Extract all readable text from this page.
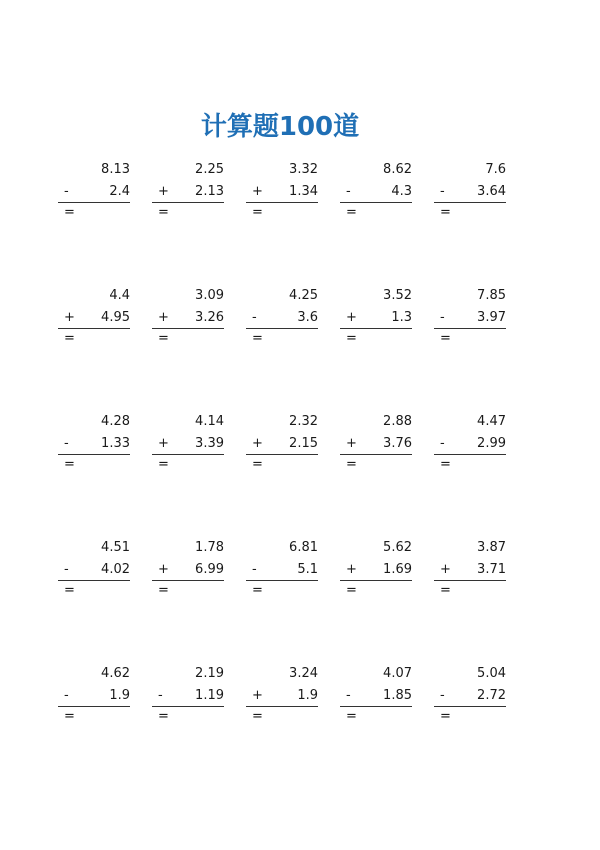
计算题100道
8.13
-	2.4
=
2.25
+ 2.13
=
3.32
+ 1.34
=
8.62
-	4.3
=
7.6
- 3.64
=
4.4
+ 4.95
=
3.09
+ 3.26
=
4.25
-	3.6
=
3.52
+	1.3
=
7.85
- 3.97
=
4.28
- 1.33
=
4.14
+ 3.39
=
2.32
+ 2.15
=
2.88
+ 3.76
=
4.47
- 2.99
=
4.51
- 4.02
=
1.78
+ 6.99
=
6.81
-	5.1
=
5.62
+ 1.69
=
3.87
+ 3.71
=
4.62
-	1.9
=
2.19
- 1.19
=
3.24
+	1.9
=
4.07
- 1.85
=
5.04
- 2.72
=
